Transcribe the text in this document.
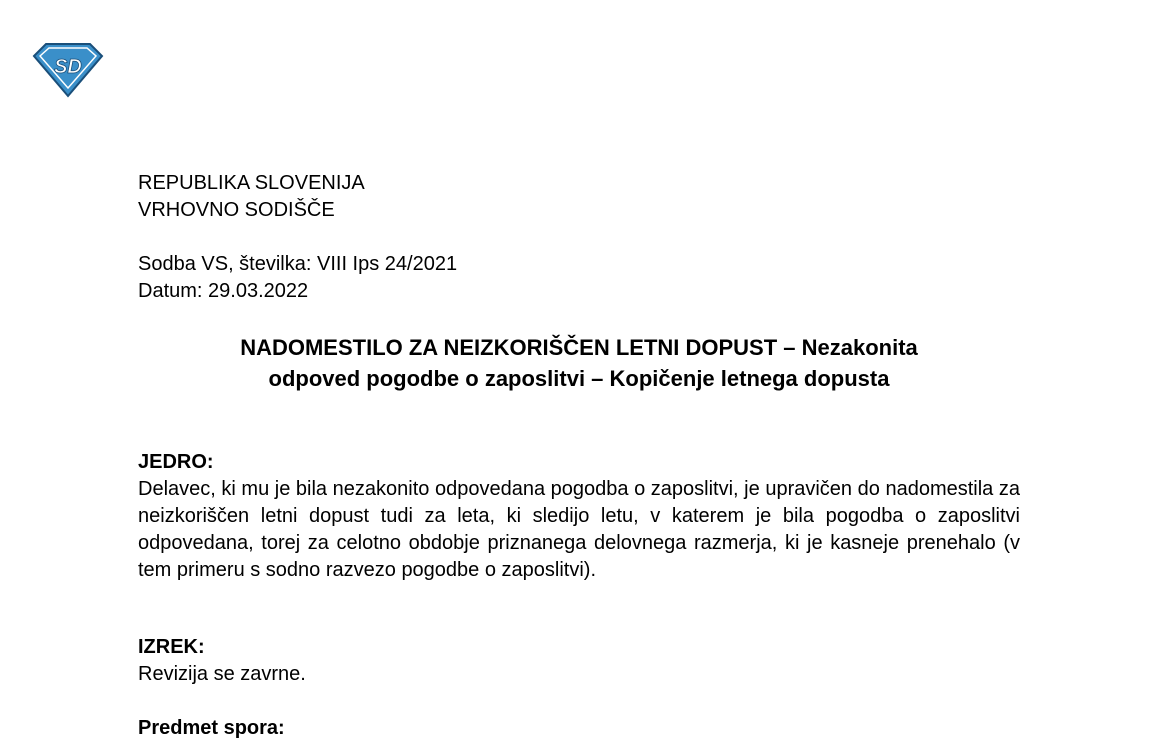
SD
REPUBLIKA SLOVENIJA
VRHOVNO SODIŠČE
Sodba VS, številka: VIII Ips 24/2021
Datum: 29.03.2022
NADOMESTILO ZA NEIZKORIŠČEN LETNI DOPUST – Nezakonita
odpoved pogodbe o zaposlitvi – Kopičenje letnega dopusta
JEDRO:
Delavec, ki mu je bila nezakonito odpovedana pogodba o zaposlitvi, je upravičen do nadomestila za neizkoriščen letni dopust tudi za leta, ki sledijo letu, v katerem je bila pogodba o zaposlitvi odpovedana, torej za celotno obdobje priznanega delovnega razmerja, ki je kasneje prenehalo (v tem primeru s sodno razvezo pogodbe o zaposlitvi).
IZREK:
Revizija se zavrne.
Predmet spora:
